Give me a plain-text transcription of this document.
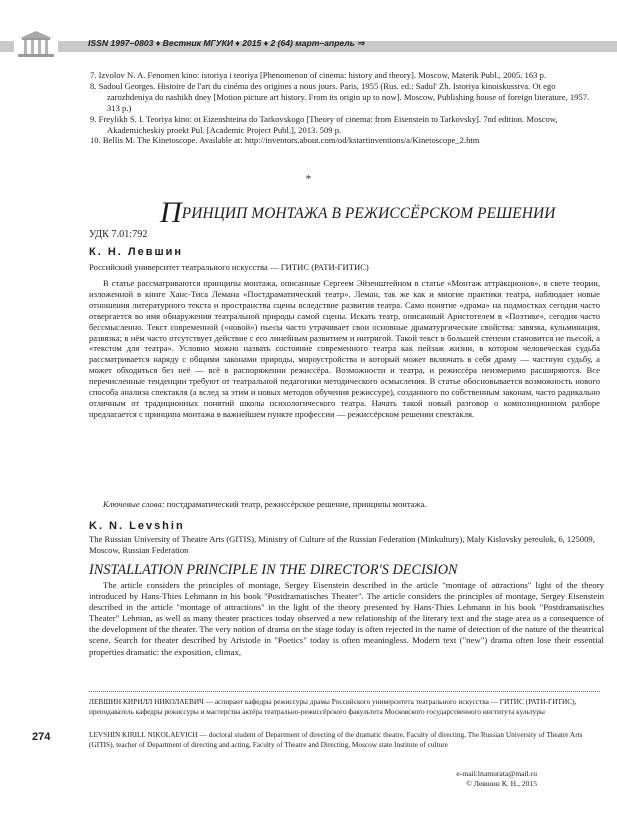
ISSN 1997–0803 ♦ Вестник МГУКИ ♦ 2015 ♦ 2 (64) март–апрель ⇒

7. Izvolov N. A. Fenomen kino: istoriya i teoriya [Phenomenon of cinema: history and theory]. Moscow, Materik Publ., 2005. 163 p.

8. Sadoul Georges. Histoire de l'art du cinéma des origines a nous jours. Paris, 1955 (Rus. ed.: Sadul' Zh. Istoriya kinoiskusstva. Ot ego zarozhdeniya do nashikh dney [Motion picture art history. From its origin up to now]. Moscow, Publishing house of foreign literature, 1957. 313 p.)

9. Freylikh S. I. Teoriya kino: ot Eizenshteina do Tarkovskogo [Theory of cinema: from Eisenstein to Tarkovsky]. 7nd edition. Moscow, Akademicheskiy proekt Pul. [Academic Project Publ.], 2013. 509 p.

10. Bellis M. The Kinetoscope. Available at: http://inventors.about.com/od/kstartinventions/a/Kinetoscope_2.htm

*
ПРИНЦИП МОНТАЖА В РЕЖИССЁРСКОМ РЕШЕНИИ
УДК 7.01:792
К. Н. Левшин
Российский университет театрального искусства — ГИТИС (РАТИ-ГИТИС)

В статье рассматриваются принципы монтажа, описанные Сергеем Эйзенштейном в статье «Монтаж аттракционов», в свете теории, изложенной в книге Ханс-Тиса Лемана «Постдраматический театр». Леман, так же как и многие практики театра, наблюдает новые отношения литературного текста и пространства сцены вследствие развития театра. Само понятие «драма» на подмостках сегодня часто отвергается во имя обнаружения театральной природы самой сцены. Искать театр, описанный Аристотелем в «Поэтике», сегодня часто бессмысленно. Текст современной («новой») пьесы часто утрачивает свои основные драматургические свойства: завязка, кульминация, развязка; в нём часто отсутствует действие с его линейным развитием и интригой. Такой текст в большей степени становится не пьесой, а «текстом для театра». Условно можно назвать состояние современного театра как пейзаж жизни, в котором человеческая судьба рассматривается наряду с общими законами природы, мироустройства и который может включать в себя драму — частную судьбу, а может обходиться без неё — всё в распоряжении режиссёра. Возможности и театра, и режиссёра неизмеримо расширяются. Все перечисленные тенденции требуют от театральной педагогики методического осмысления. В статье обосновывается возможность нового способа анализа спектакля (а вслед за этим и новых методов обучения режиссуре), созданного по собственным законам, часто радикально отличным от традиционных понятий школы психологического театра. Начать такой новый разговор о композиционном разборе предлагается с принципа монтажа в важнейшем пункте профессии — режиссёрском решении спектакля.

Ключевые слова: постдраматический театр, режиссёрское решение, принципы монтажа.
K. N. Levshin
The Russian University of Theatre Arts (GITIS), Ministry of Culture of the Russian Federation (Minkultury), Maly Kislovsky pereulok, 6, 125009, Moscow, Russian Federation
INSTALLATION PRINCIPLE IN THE DIRECTOR'S DECISION

The article considers the principles of montage, Sergey Eisenstein described in the article "montage of attractions" light of the theory introduced by Hans-Thies Lehmann in his book "Postdramatisches Theater". The article considers the principles of montage, Sergey Eisenstein described in the article "montage of attractions" in the light of the theory presented by Hans-Thies Lehmann in his book "Postdramatisches Theater" Lehman, as well as many theater practices today observed a new relationship of the literary text and the stage area as a consequence of the development of the theater. The very notion of drama on the stage today is often rejected in the name of detection of the nature of the theatrical scene. Search for theater described by Aristotle in "Poetics" today is often meaningless. Modern text ("new") drama often lose their essential properties dramatic: the exposition, climax,

ЛЕВШИН КИРИЛЛ НИКОЛАЕВИЧ — аспирант кафедры режиссуры драмы Российского университета театрального искусства — ГИТИС (РАТИ-ГИТИС), преподаватель кафедры режиссуры и мастерства актёра театрально-режиссёрского факультета Московского государственного института культуры
LEVSHIN KIRILL NIKOLAEVICH — doctoral student of Department of directing of the dramatic theatre, Faculty of directing, The Russian University of Theatre Arts (GITIS), teacher of Department of directing and acting, Faculty of Theatre and Directing, Moscow state Institute of culture
274
e-mail:lnamurata@mail.ru
© Левшин К. Н., 2015
